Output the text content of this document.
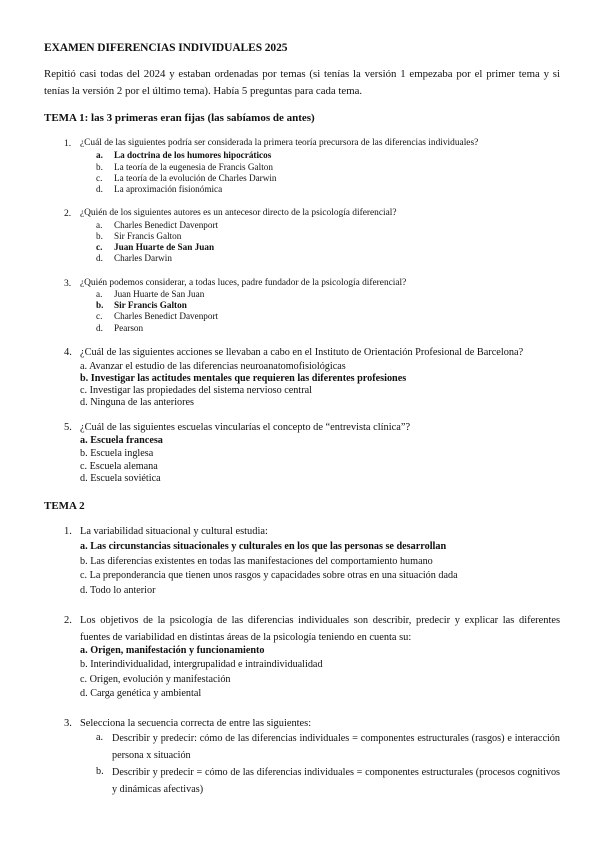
EXAMEN DIFERENCIAS INDIVIDUALES 2025
Repitió casi todas del 2024 y estaban ordenadas por temas (si tenías la versión 1 empezaba por el primer tema y si tenías la versión 2 por el último tema). Había 5 preguntas para cada tema.
TEMA 1: las 3 primeras eran fijas (las sabíamos de antes)
1. ¿Cuál de las siguientes podría ser considerada la primera teoría precursora de las diferencias individuales?
a. La doctrina de los humores hipocráticos
b. La teoría de la eugenesia de Francis Galton
c. La teoría de la evolución de Charles Darwin
d. La aproximación fisionómica
2. ¿Quién de los siguientes autores es un antecesor directo de la psicología diferencial?
a. Charles Benedict Davenport
b. Sir Francis Galton
c. Juan Huarte de San Juan
d. Charles Darwin
3. ¿Quién podemos considerar, a todas luces, padre fundador de la psicología diferencial?
a. Juan Huarte de San Juan
b. Sir Francis Galton
c. Charles Benedict Davenport
d. Pearson
4. ¿Cuál de las siguientes acciones se llevaban a cabo en el Instituto de Orientación Profesional de Barcelona?
a. Avanzar el estudio de las diferencias neuroanatomofisiológicas
b. Investigar las actitudes mentales que requieren las diferentes profesiones
c. Investigar las propiedades del sistema nervioso central
d. Ninguna de las anteriores
5. ¿Cuál de las siguientes escuelas vincularías el concepto de “entrevista clínica”?
a. Escuela francesa
b. Escuela inglesa
c. Escuela alemana
d. Escuela soviética
TEMA 2
1. La variabilidad situacional y cultural estudia:
a. Las circunstancias situacionales y culturales en los que las personas se desarrollan
b. Las diferencias existentes en todas las manifestaciones del comportamiento humano
c. La preponderancia que tienen unos rasgos y capacidades sobre otras en una situación dada
d. Todo lo anterior
2. Los objetivos de la psicología de las diferencias individuales son describir, predecir y explicar las diferentes fuentes de variabilidad en distintas áreas de la psicología teniendo en cuenta su:
a. Origen, manifestación y funcionamiento
b. Interindividualidad, intergrupalidad e intraindividualidad
c. Origen, evolución y manifestación
d. Carga genética y ambiental
3. Selecciona la secuencia correcta de entre las siguientes:
a. Describir y predecir: cómo de las diferencias individuales = componentes estructurales (rasgos) e interacción persona x situación
b. Describir y predecir = cómo de las diferencias individuales = componentes estructurales (procesos cognitivos y dinámicas afectivas)
